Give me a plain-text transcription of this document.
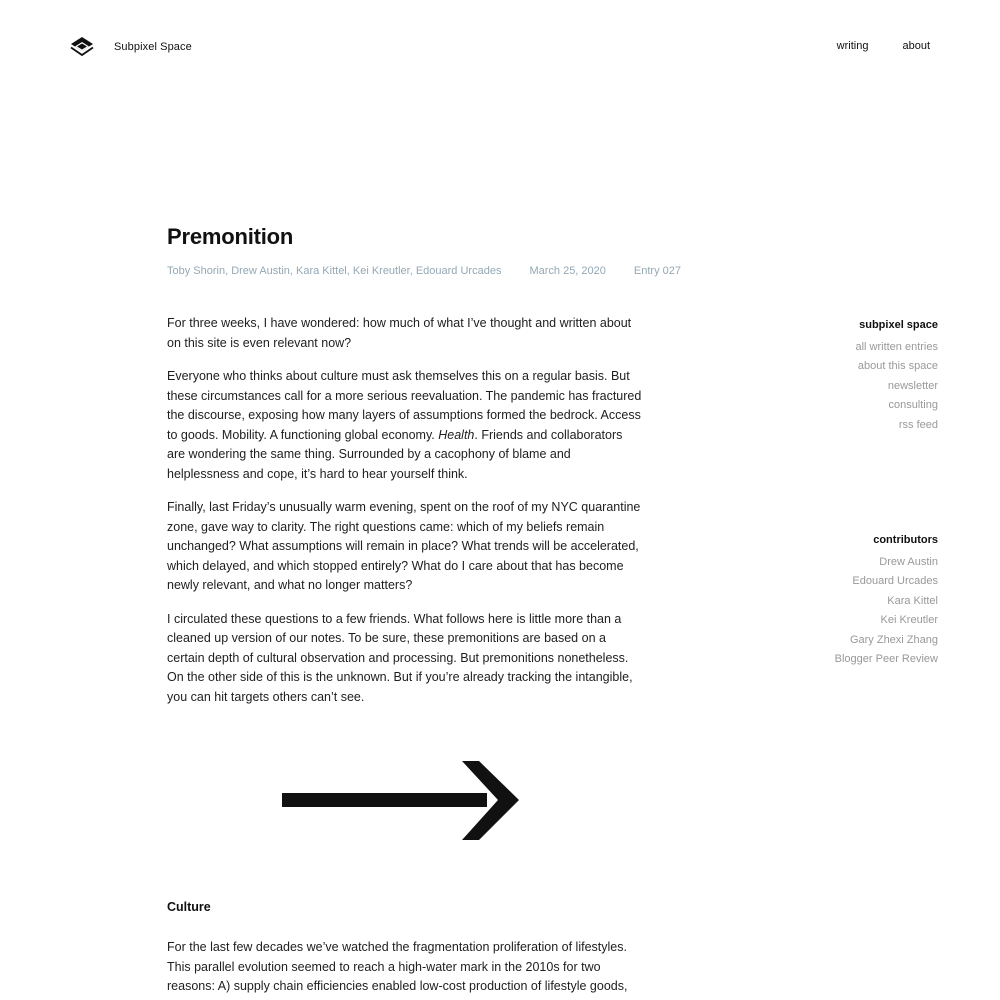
Subpixel Space	writing	about
Premonition
Toby Shorin, Drew Austin, Kara Kittel, Kei Kreutler, Edouard Urcades	March 25, 2020	Entry 027

For three weeks, I have wondered: how much of what I’ve thought and written about on this site is even relevant now?

Everyone who thinks about culture must ask themselves this on a regular basis. But these circumstances call for a more serious reevaluation. The pandemic has fractured the discourse, exposing how many layers of assumptions formed the bedrock. Access to goods. Mobility. A functioning global economy. Health. Friends and collaborators are wondering the same thing. Surrounded by a cacophony of blame and helplessness and cope, it’s hard to hear yourself think.

Finally, last Friday’s unusually warm evening, spent on the roof of my NYC quarantine zone, gave way to clarity. The right questions came: which of my beliefs remain unchanged? What assumptions will remain in place? What trends will be accelerated, which delayed, and which stopped entirely? What do I care about that has become newly relevant, and what no longer matters?

I circulated these questions to a few friends. What follows here is little more than a cleaned up version of our notes. To be sure, these premonitions are based on a certain depth of cultural observation and processing. But premonitions nonetheless. On the other side of this is the unknown. But if you’re already tracking the intangible, you can hit targets others can’t see.

Culture

For the last few decades we’ve watched the fragmentation proliferation of lifestyles. This parallel evolution seemed to reach a high-water mark in the 2010s for two reasons: A) supply chain efficiencies enabled low-cost production of lifestyle goods,

subpixel space
all written entries
about this space
newsletter
consulting
rss feed
contributors
Drew Austin
Edouard Urcades
Kara Kittel
Kei Kreutler
Gary Zhexi Zhang
Blogger Peer Review
